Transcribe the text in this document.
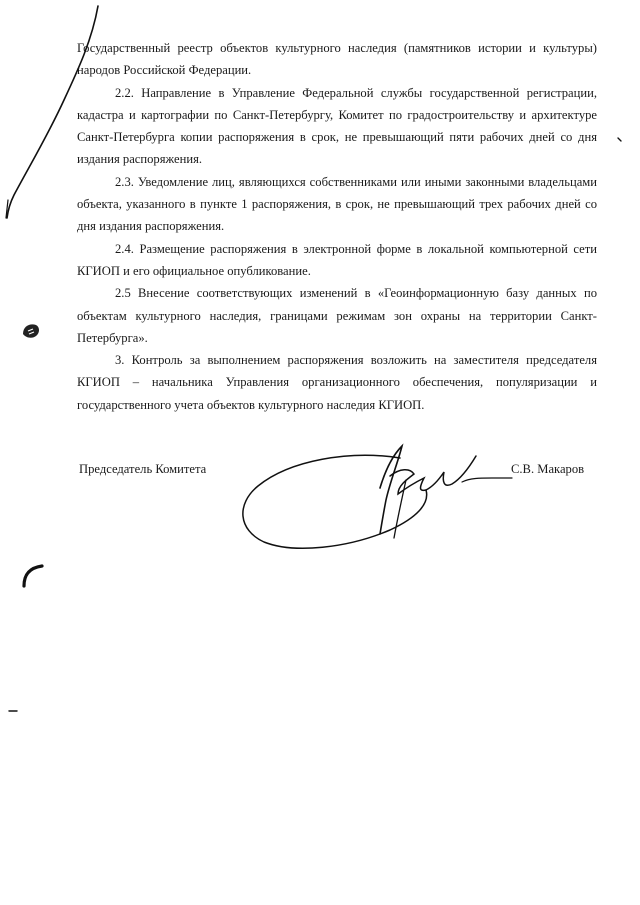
Государственный реестр объектов культурного наследия (памятников истории и культуры) народов Российской Федерации.

2.2. Направление в Управление Федеральной службы государственной регистрации, кадастра и картографии по Санкт-Петербургу, Комитет по градостроительству и архитектуре Санкт-Петербурга копии распоряжения в срок, не превышающий пяти рабочих дней со дня издания распоряжения.

2.3. Уведомление лиц, являющихся собственниками или иными законными владельцами объекта, указанного в пункте 1 распоряжения, в срок, не превышающий трех рабочих дней со дня издания распоряжения.

2.4. Размещение распоряжения в электронной форме в локальной компьютерной сети КГИОП и его официальное опубликование.

2.5 Внесение соответствующих изменений в «Геоинформационную базу данных по объектам культурного наследия, границами режимам зон охраны на территории Санкт-Петербурга».

3. Контроль за выполнением распоряжения возложить на заместителя председателя КГИОП – начальника Управления организационного обеспечения, популяризации и государственного учета объектов культурного наследия КГИОП.

Председатель Комитета	С.В. Макаров
